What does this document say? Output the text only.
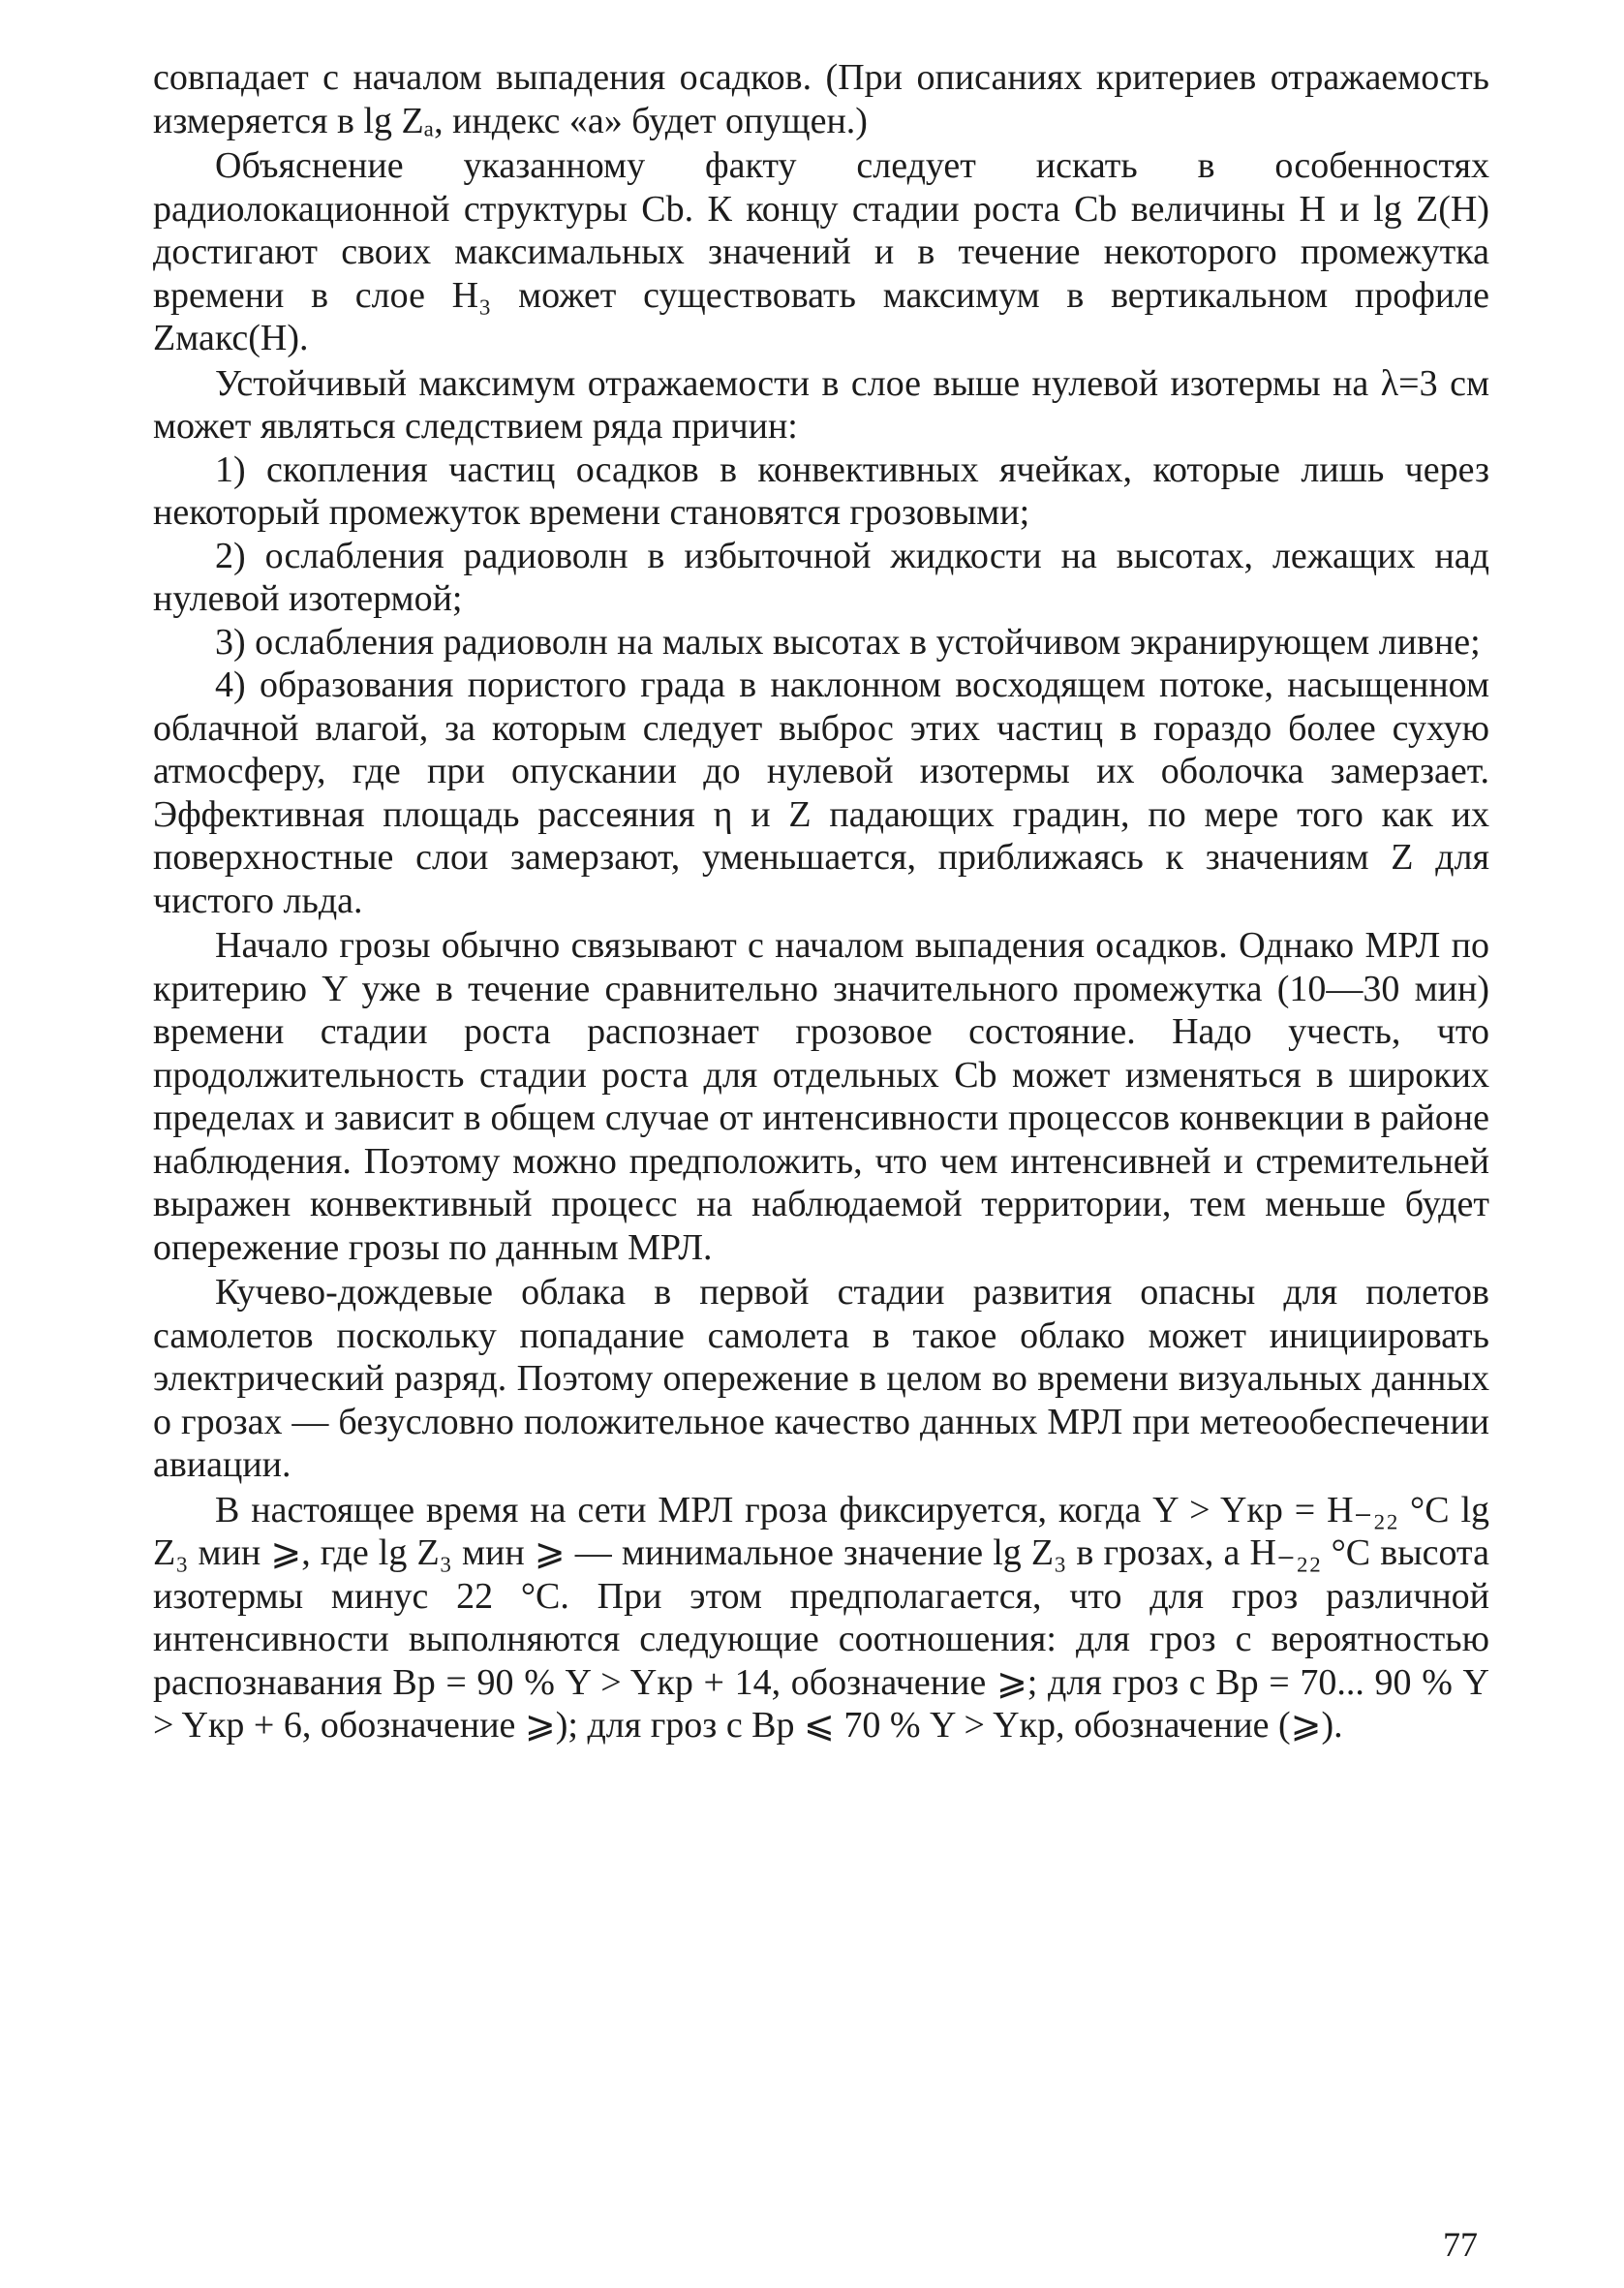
совпадает с началом выпадения осадков. (При описаниях критериев отражаемость измеряется в lg Zₐ, индекс «a» будет опущен.)

Объяснение указанному факту следует искать в особенностях радиолокационной структуры Cb. К концу стадии роста Cb величины H и lg Z(H) достигают своих максимальных значений и в течение некоторого промежутка времени в слое H₃ может существовать максимум в вертикальном профиле Zмакс(H).

Устойчивый максимум отражаемости в слое выше нулевой изотермы на λ=3 см может являться следствием ряда причин:

1) скопления частиц осадков в конвективных ячейках, которые лишь через некоторый промежуток времени становятся грозовыми;

2) ослабления радиоволн в избыточной жидкости на высотах, лежащих над нулевой изотермой;

3) ослабления радиоволн на малых высотах в устойчивом экранирующем ливне;

4) образования пористого града в наклонном восходящем потоке, насыщенном облачной влагой, за которым следует выброс этих частиц в гораздо более сухую атмосферу, где при опускании до нулевой изотермы их оболочка замерзает. Эффективная площадь рассеяния η и Z падающих градин, по мере того как их поверхностные слои замерзают, уменьшается, приближаясь к значениям Z для чистого льда.

Начало грозы обычно связывают с началом выпадения осадков. Однако МРЛ по критерию Y уже в течение сравнительно значительного промежутка (10—30 мин) времени стадии роста распознает грозовое состояние. Надо учесть, что продолжительность стадии роста для отдельных Cb может изменяться в широких пределах и зависит в общем случае от интенсивности процессов конвекции в районе наблюдения. Поэтому можно предположить, что чем интенсивней и стремительней выражен конвективный процесс на наблюдаемой территории, тем меньше будет опережение грозы по данным МРЛ.

Кучево-дождевые облака в первой стадии развития опасны для полетов самолетов поскольку попадание самолета в такое облако может инициировать электрический разряд. Поэтому опережение в целом во времени визуальных данных о грозах — безусловно положительное качество данных МРЛ при метеообеспечении авиации.

В настоящее время на сети МРЛ гроза фиксируется, когда Y > Yкр = H₋₂₂ °С lg Z₃ мин ⩾, где lg Z₃ мин ⩾ — минимальное значение lg Z₃ в грозах, а H₋₂₂ °С высота изотермы минус 22 °С. При этом предполагается, что для гроз различной интенсивности выполняются следующие соотношения: для гроз с вероятностью распознавания Bр = 90 % Y > Yкр + 14, обозначение ⩾; для гроз с Bр = 70... 90 % Y > Yкр + 6, обозначение ⩾); для гроз с Bр ⩽ 70 % Y > Yкр, обозначение (⩾).

77
